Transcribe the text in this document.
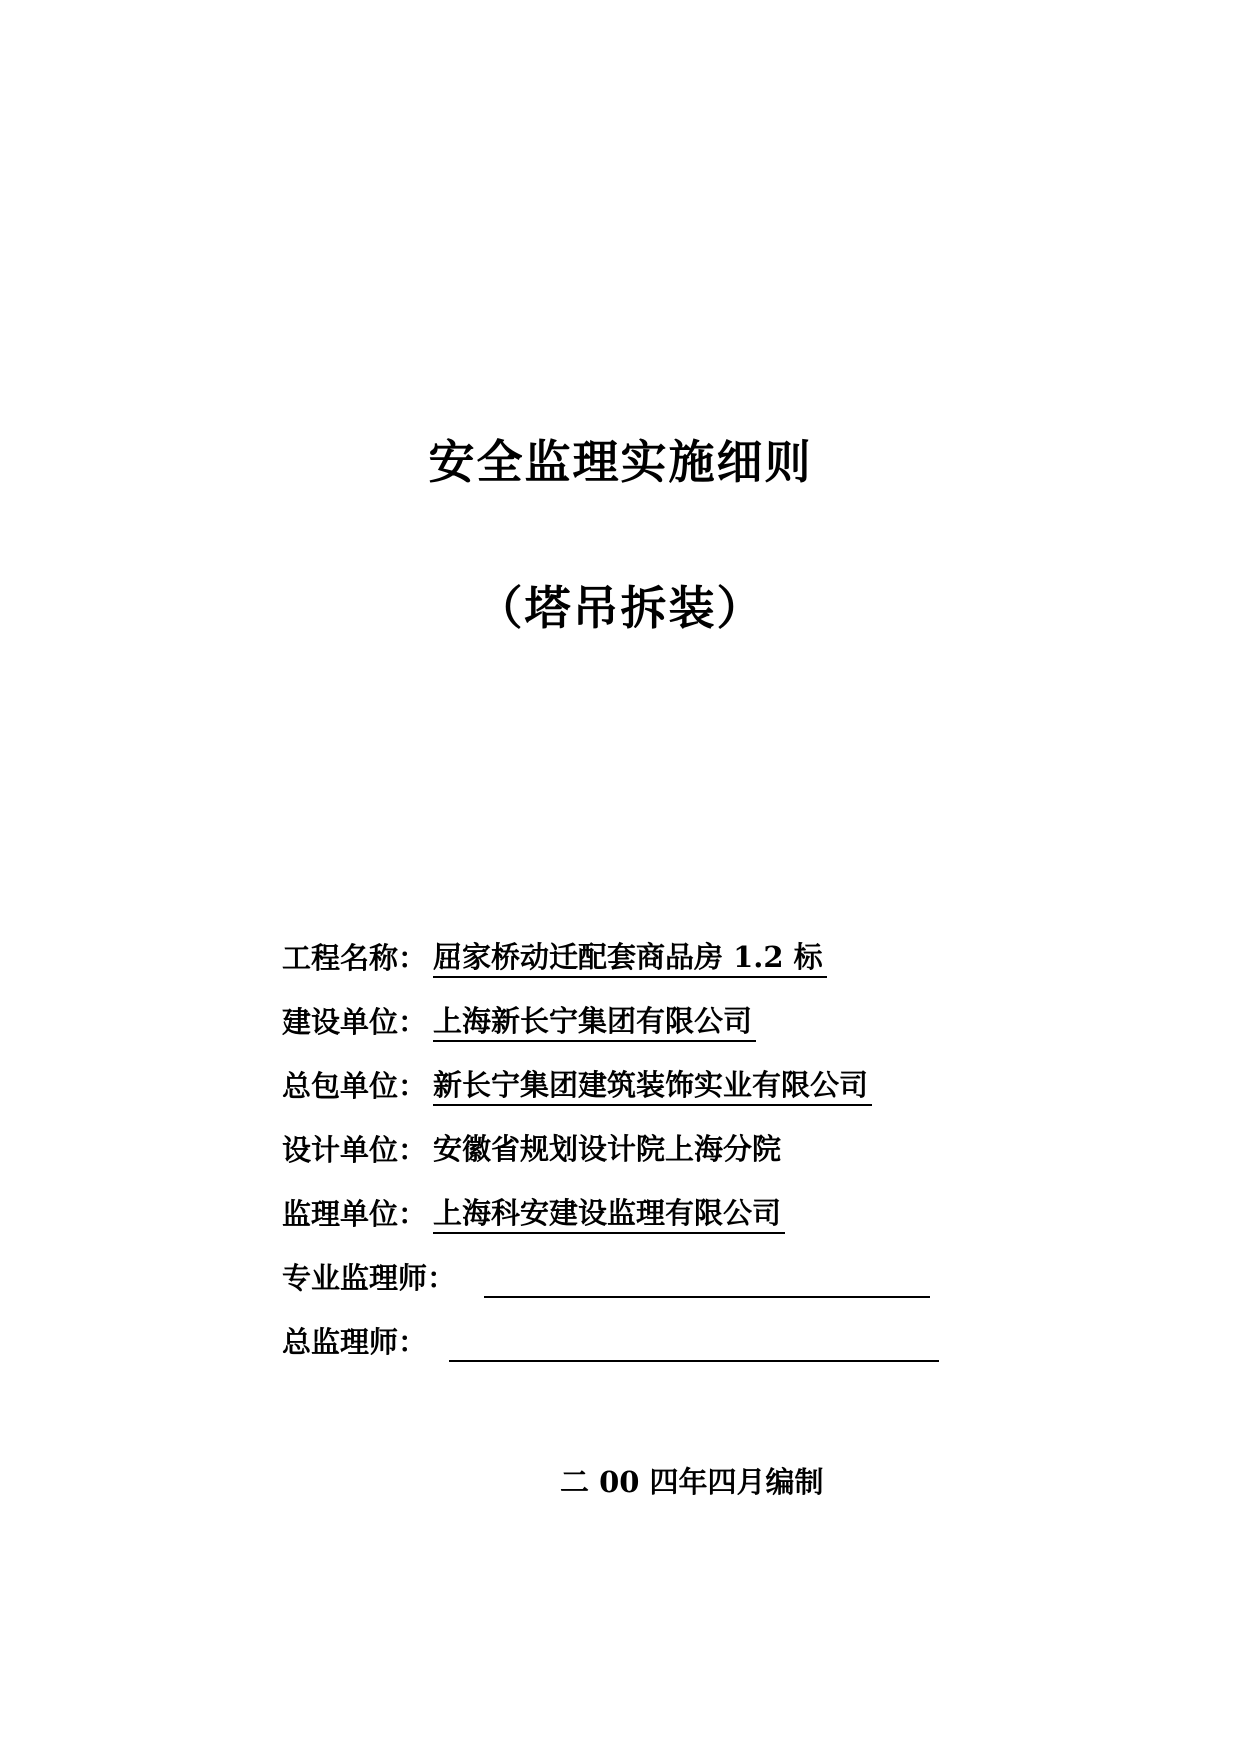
安全监理实施细则
（塔吊拆装）
工程名称： 屈家桥动迁配套商品房 1.2 标
建设单位： 上海新长宁集团有限公司
总包单位： 新长宁集团建筑装饰实业有限公司
设计单位： 安徽省规划设计院上海分院
监理单位： 上海科安建设监理有限公司
专业监理师：
总监理师：
二 00 四年四月编制
